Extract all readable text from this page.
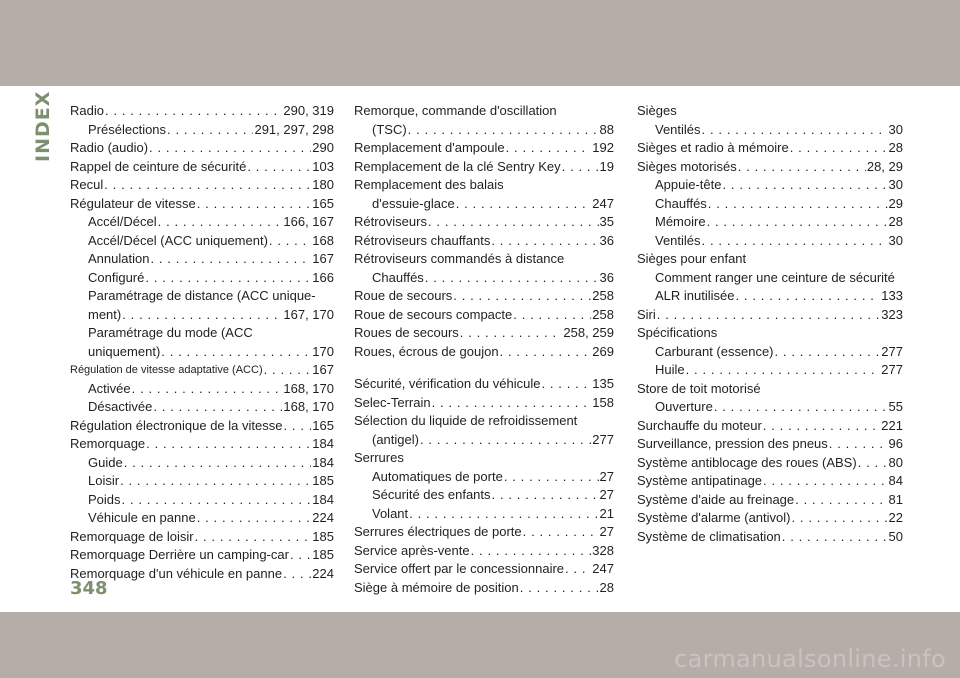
INDEX Radio . . .	290, 319
Présélections . . .	291, 297, 298
Radio (audio) . . .	290
Rappel de ceinture de sécurité . . .	103
Recul . . .	180
Régulateur de vitesse . . .	165
Accél/Décel . . .	166, 167
Accél/Décel (ACC uniquement) . . .	168
Annulation . . .	167
Configuré . . .	166
Paramétrage de distance (ACC unique-
ment) . . .	167, 170
Paramétrage du mode (ACC
uniquement) . . .	170
Régulation de vitesse adaptative (ACC) . . .	167
Activée . . .	168, 170
Désactivée . . .	168, 170
Régulation électronique de la vitesse . . . 165
Remorquage . . .	184
Guide . . .	184
Loisir . . .	185
Poids . . .	184
Véhicule en panne . . .	224
Remorquage de loisir . . .	185
Remorquage Derrière un camping-car . . . 185
Remorquage d'un véhicule en panne . . . 224
Remorque, commande d'oscillation
(TSC) . . .	88
Remplacement d'ampoule . . .	192
Remplacement de la clé Sentry Key . . .	19
Remplacement des balais
d'essuie-glace . . .	247
Rétroviseurs . . .	35
Rétroviseurs chauffants . . .	36
Rétroviseurs commandés à distance
Chauffés . . .	36
Roue de secours . . .	258
Roue de secours compacte . . .	258
Roues de secours . . .	258, 259
Roues, écrous de goujon . . .	269
Sécurité, vérification du véhicule . . .	135
Selec-Terrain . . .	158
Sélection du liquide de refroidissement
(antigel) . . .	277
Serrures
Automatiques de porte . . .	27
Sécurité des enfants . . .	27
Volant . . .	21
Serrures électriques de porte . . .	27
Service après-vente . . .	328
Service offert par le concessionnaire . . . 247
Siège à mémoire de position . . .	28
Sièges
Ventilés . . .	30
Sièges et radio à mémoire . . .	28
Sièges motorisés . . .	28, 29
Appuie-tête . . .	30
Chauffés . . .	29
Mémoire . . .	28
Ventilés . . .	30
Sièges pour enfant
Comment ranger une ceinture de sécurité
ALR inutilisée . . .	133
Siri . . .	323
Spécifications
Carburant (essence) . . .	277
Huile . . .	277
Store de toit motorisé
Ouverture . . .	55
Surchauffe du moteur . . .	221
Surveillance, pression des pneus . . .	96
Système antiblocage des roues (ABS) . . . 80
Système antipatinage . . .	84
Système d'aide au freinage . . .	81
Système d'alarme (antivol) . . .	22
Système de climatisation . . .	50
348
carmanualsonline.info
